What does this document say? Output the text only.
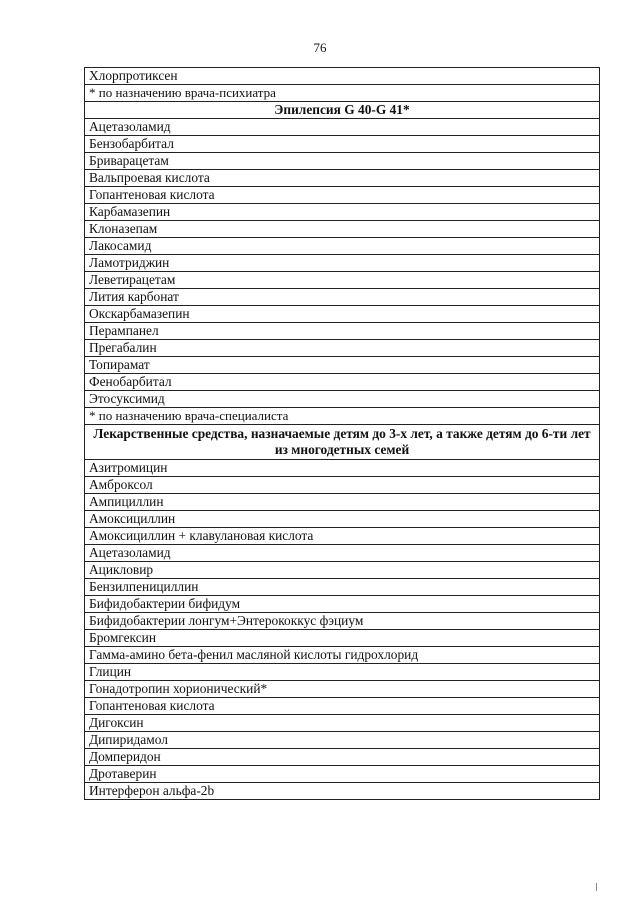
76
Хлорпротиксен
* по назначению врача-психиатра
Эпилепсия G 40-G 41*
Ацетазоламид
Бензобарбитал
Бриварацетам
Вальпроевая кислота
Гопантеновая кислота
Карбамазепин
Клоназепам
Лакосамид
Ламотриджин
Леветирацетам
Лития карбонат
Окскарбамазепин
Перампанел
Прегабалин
Топирамат
Фенобарбитал
Этосуксимид
* по назначению врача-специалиста
Лекарственные средства, назначаемые детям до 3-х лет, а также детям до 6-ти лет из многодетных семей
Азитромицин
Амброксол
Ампициллин
Амоксициллин
Амоксициллин + клавулановая кислота
Ацетазоламид
Ацикловир
Бензилпенициллин
Бифидобактерии бифидум
Бифидобактерии лонгум+Энтерококкус фэциум
Бромгексин
Гамма-амино бета-фенил масляной кислоты гидрохлорид
Глицин
Гонадотропин хорионический*
Гопантеновая кислота
Дигоксин
Дипиридамол
Домперидон
Дротаверин
Интерферон альфа-2b
